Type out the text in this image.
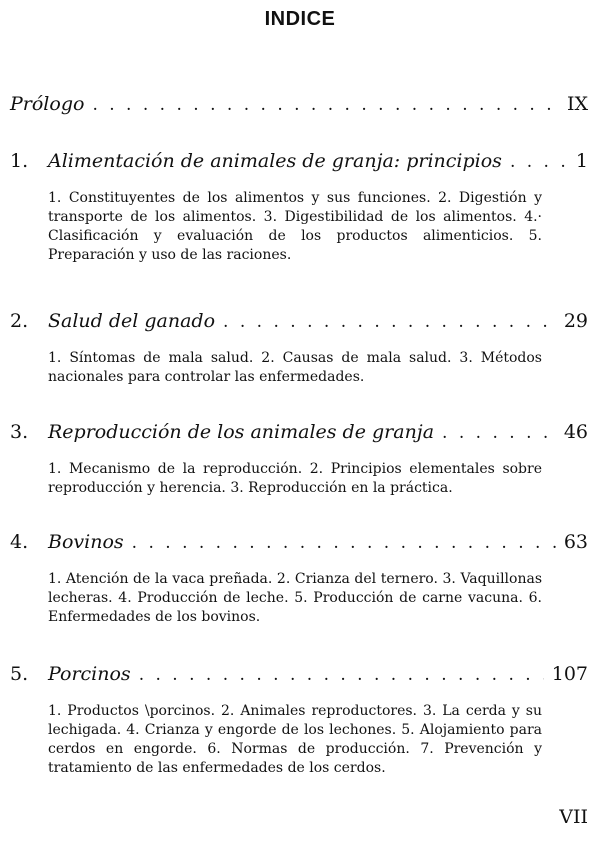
INDICE
Prólogo . . .	IX
1.	Alimentación de animales de granja: principios . . .	1
1. Constituyentes de los alimentos y sus funciones. 2. Digestión y transporte de los alimentos. 3. Digestibilidad de los alimentos. 4.· Clasificación y evaluación de los productos alimenticios. 5. Preparación y uso de las raciones.
2.	Salud del ganado . . .	29
1. Síntomas de mala salud. 2. Causas de mala salud. 3. Métodos nacionales para controlar las enfermedades.
3.	Reproducción de los animales de granja . . .	46
1. Mecanismo de la reproducción. 2. Principios elementales sobre reproducción y herencia. 3. Reproducción en la práctica.
4.	Bovinos . . .	63
1. Atención de la vaca preñada. 2. Crianza del ternero. 3. Vaquillonas lecheras. 4. Producción de leche. 5. Producción de carne vacuna. 6. Enfermedades de los bovinos.
5.	Porcinos . . .	107
1. Productos \porcinos. 2. Animales reproductores. 3. La cerda y su lechigada. 4. Crianza y engorde de los lechones. 5. Alojamiento para cerdos en engorde. 6. Normas de producción. 7. Prevención y tratamiento de las enfermedades de los cerdos.
VII
